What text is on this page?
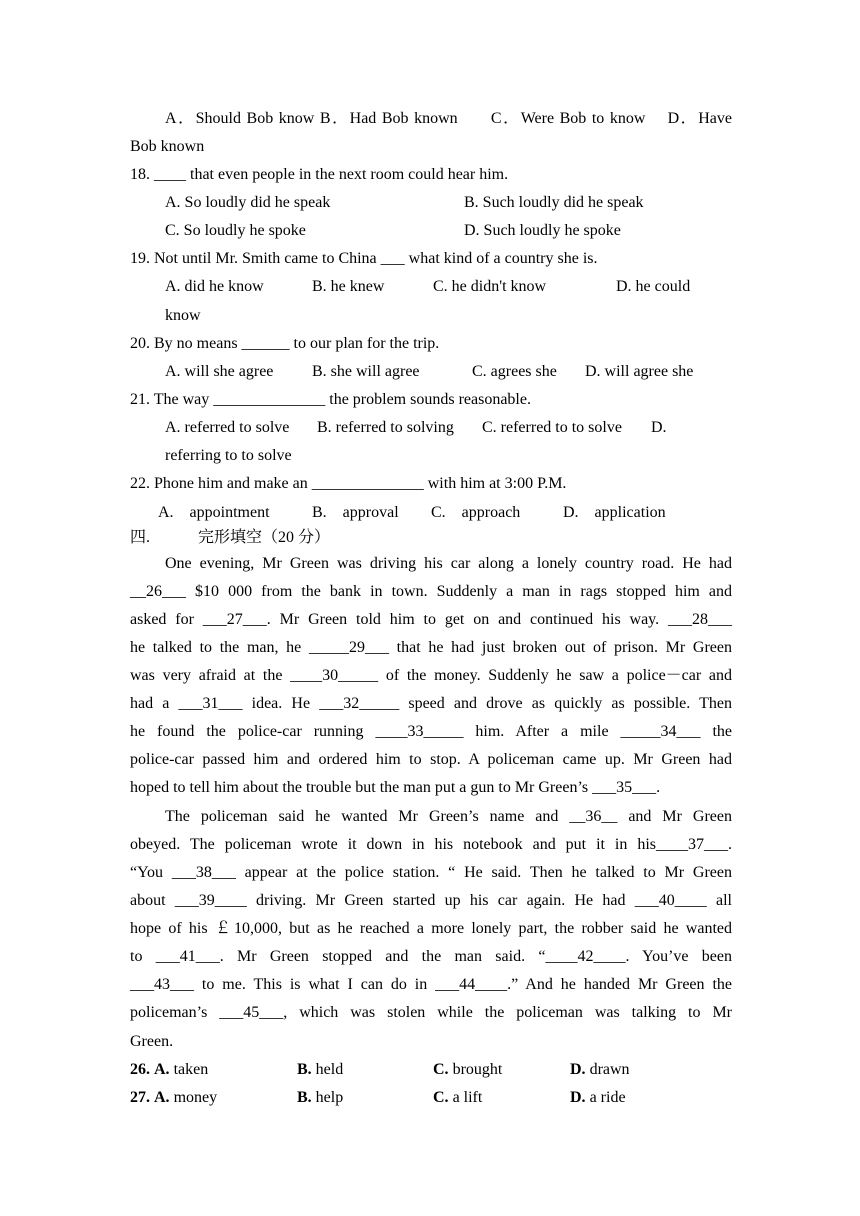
A．Should Bob know B．Had Bob known      C．Were Bob to know    D．Have
Bob known
18. ____ that even people in the next room could hear him.
A. So loudly did he speak	B. Such loudly did he speak
C. So loudly he spoke	D. Such loudly he spoke
19. Not until Mr. Smith came to China ___ what kind of a country she is.
A. did he know	B. he knew	C. he didn't know	D. he could
know
20. By no means ______ to our plan for the trip.
A. will she agree B. she will agree	C. agrees she D. will agree she
21. The way ______________ the problem sounds reasonable.
A. referred to solve B. referred to solving C. referred to to solve D.
referring to to solve
22. Phone him and make an ______________ with him at 3:00 P.M.
A.    appointment	B.    approval C.    approach	D.    application
四.	完形填空（20 分）
One evening, Mr Green was driving his car along a lonely country road. He had
__26___ $10 000 from the bank in town. Suddenly a man in rags stopped him and
asked for ___27___. Mr Green told him to get on and continued his way. ___28___
he talked to the man, he _____29___ that he had just broken out of prison. Mr Green
was very afraid at the ____30_____ of the money. Suddenly he saw a police－car and
had a ___31___ idea. He ___32_____ speed and drove as quickly as possible. Then
he found the police-car running ____33_____ him. After a mile _____34___ the
police-car passed him and ordered him to stop. A policeman came up. Mr Green had
hoped to tell him about the trouble but the man put a gun to Mr Green’s ___35___.
The policeman said he wanted Mr Green’s name and __36__ and Mr Green
obeyed. The policeman wrote it down in his notebook and put it in his____37___.
“You ___38___ appear at the police station. “ He said. Then he talked to Mr Green
about ___39____ driving. Mr Green started up his car again. He had ___40____ all
hope of his ￡10,000, but as he reached a more lonely part, the robber said he wanted
to ___41___. Mr Green stopped and the man said. “____42____. You’ve been
___43___ to me. This is what I can do in ___44____.” And he handed Mr Green the
policeman’s ___45___, which was stolen while the policeman was talking to Mr
Green.
26. A. taken	B. held	C. brought	D. drawn
27. A. money	B. help	C. a lift	D. a ride
